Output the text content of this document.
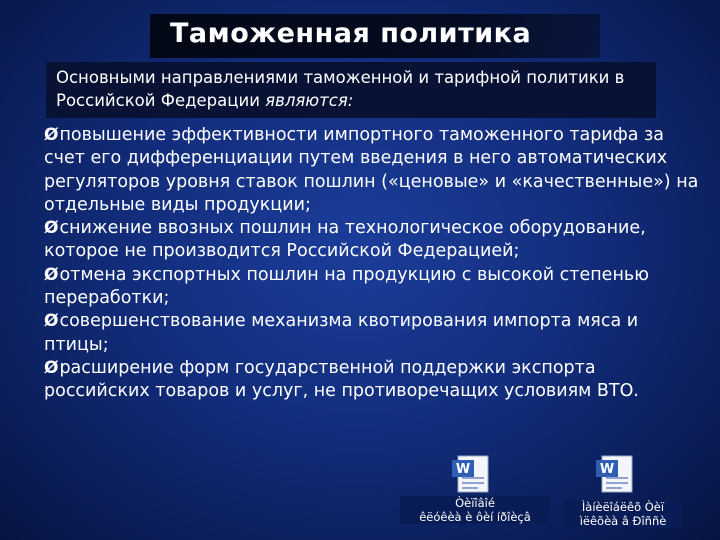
Таможенная политика
Основными направлениями таможенной и тарифной политики в Российской Федерации являются:
Øповышение эффективности импортного таможенного тарифа за счет его дифференциации путем введения в него автоматических регуляторов уровня ставок пошлин («ценовые» и «качественные») на отдельные виды продукции;
Øснижение ввозных пошлин на технологическое оборудование, которое не производится Российской Федерацией;
Øотмена экспортных пошлин на продукцию с высокой степенью переработки;
Øсовершенствование механизма квотирования импорта мяса и птицы;
Øрасширение форм государственной поддержки экспорта российских товаров и услуг, не противоречащих условиям ВТО.
W
Òèïîâîé
êëóêèà è ôèí íðîèçâ
W
Ìàíèëîáëêõ Òèï
ìëêõèà â Ðîññè
